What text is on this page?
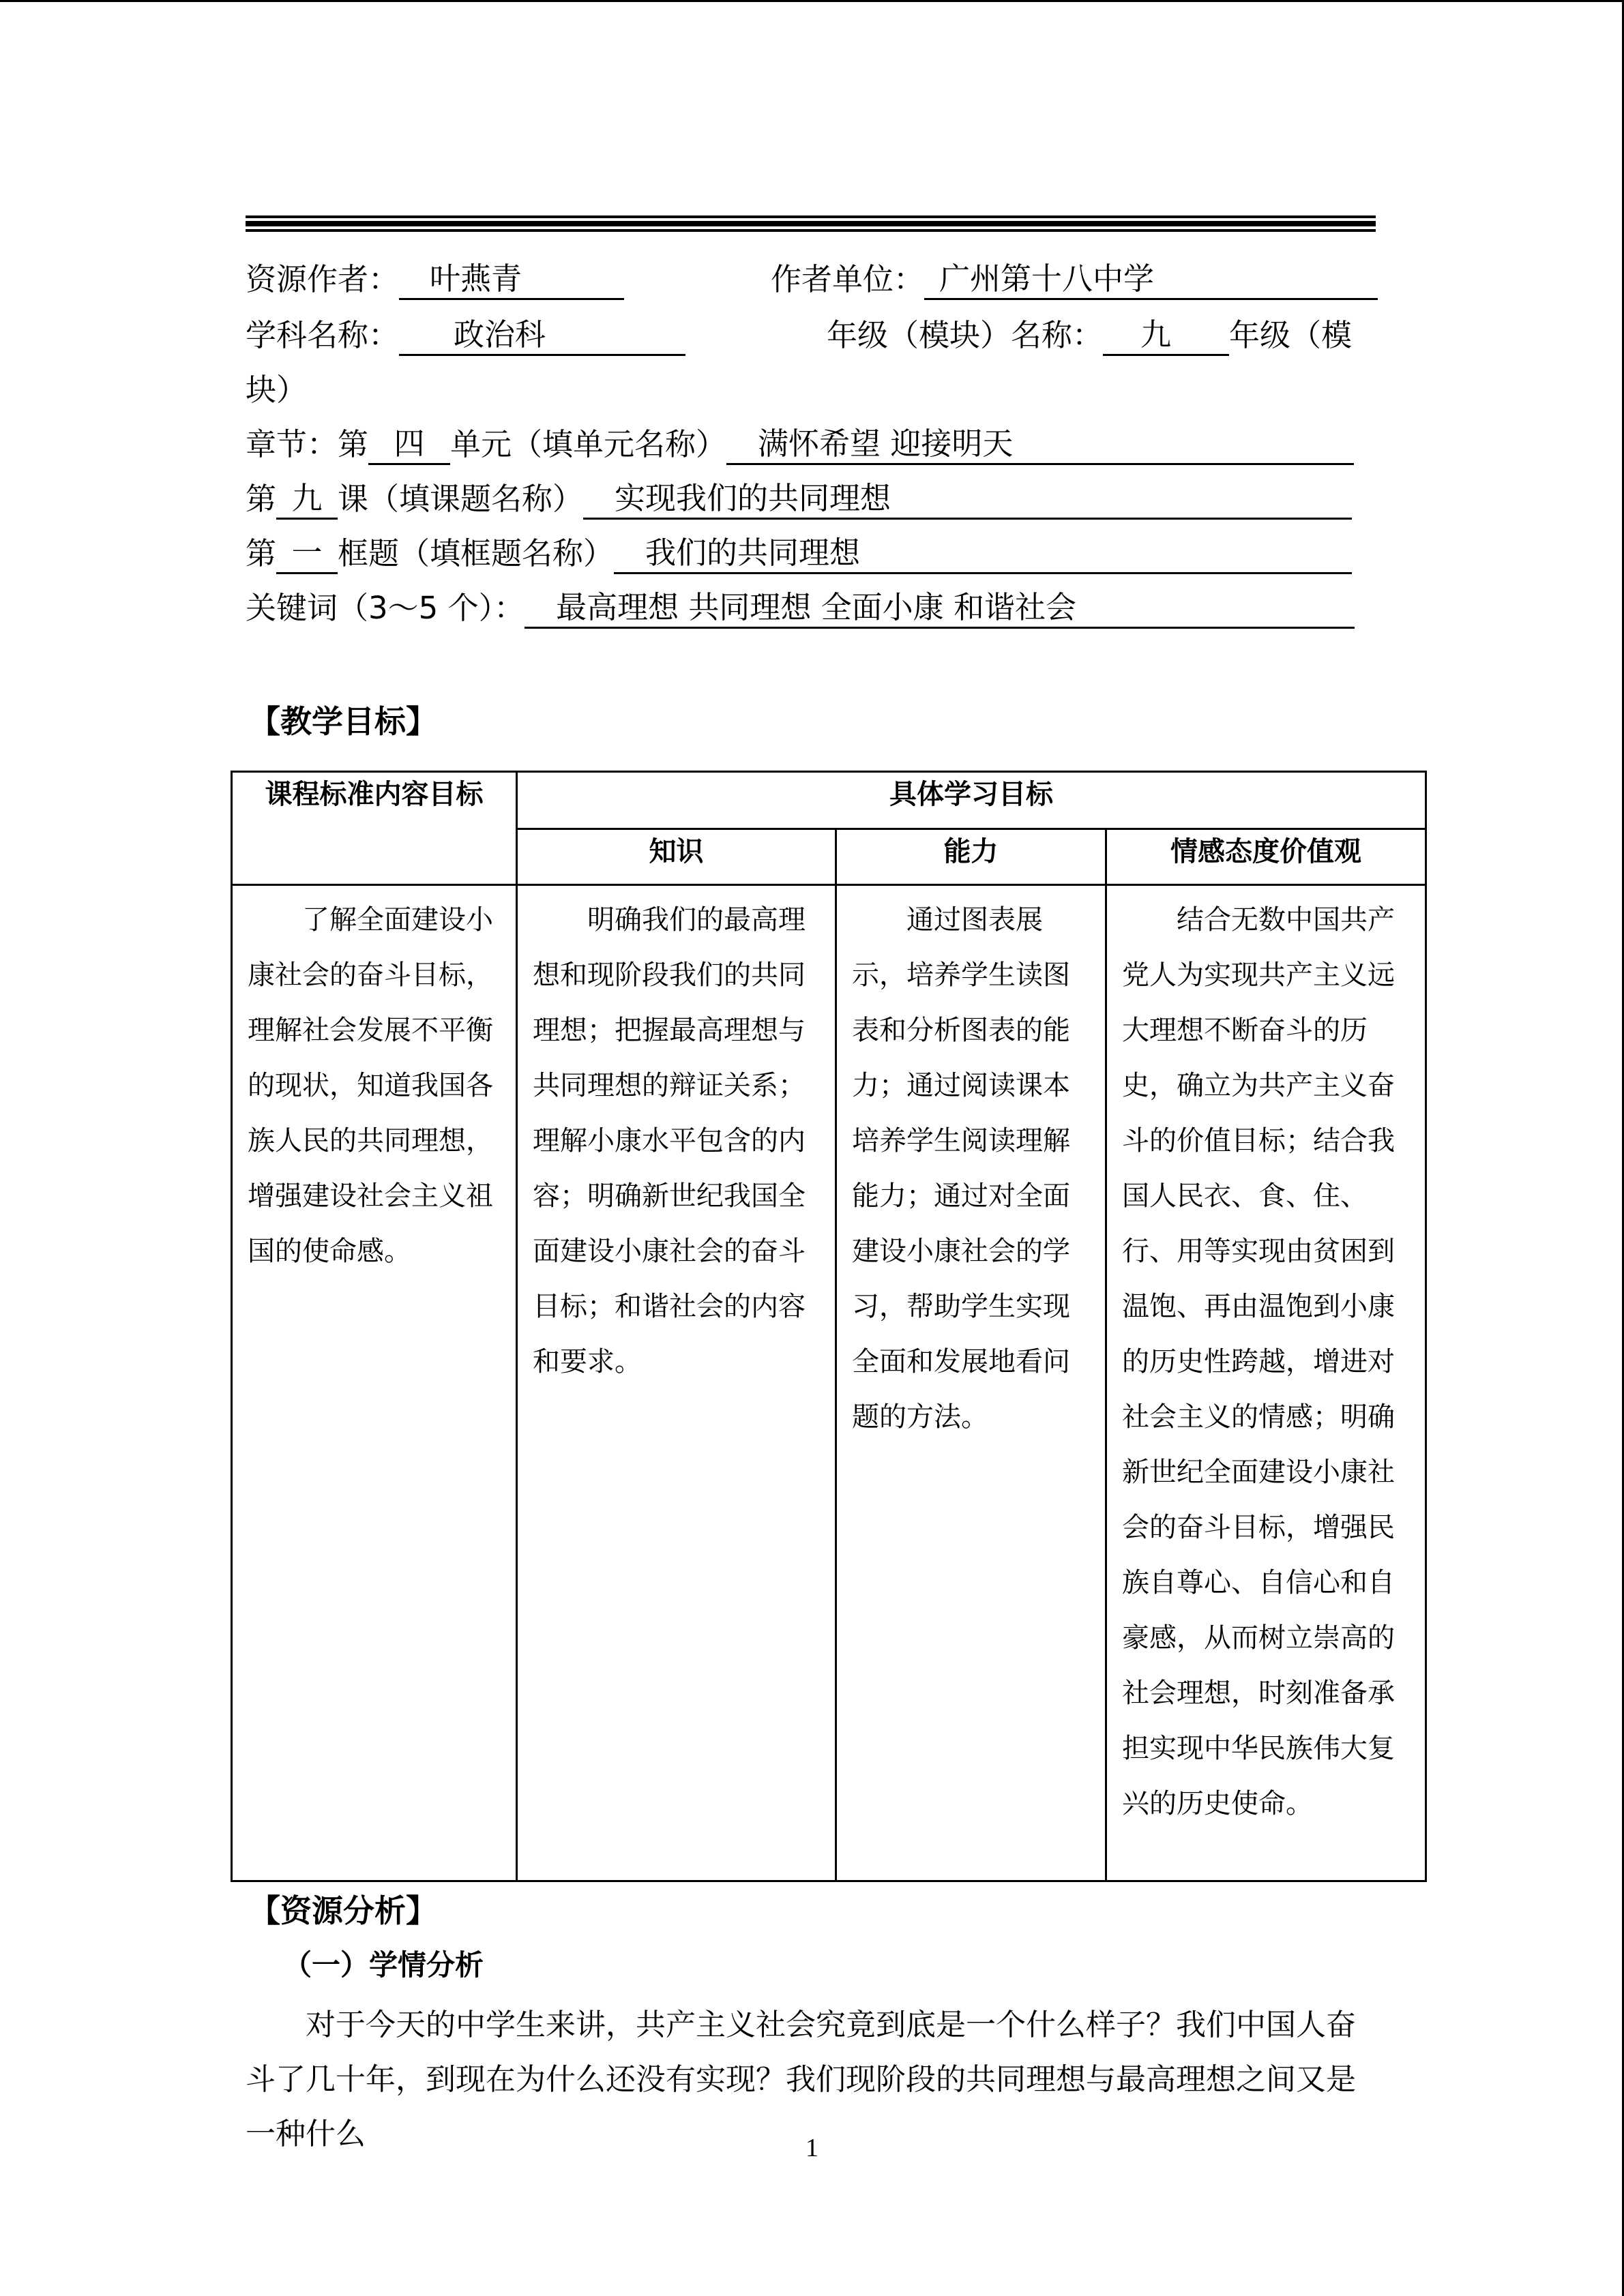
资源作者： 叶燕青	作者单位： 广州第十八中学
学科名称： 政治科	年级（模块）名称： 九 年级（模
块）
章节：第 四 单元（填单元名称） 满怀希望 迎接明天
第 九 课（填课题名称） 实现我们的共同理想
第 一 框题（填框题名称） 我们的共同理想
关键词（3～5 个）： 最高理想 共同理想 全面小康 和谐社会
【教学目标】
课程标准内容目标	具体学习目标		
	知识	能力	情感态度价值观

了解全面建设小康社会的奋斗目标，理解社会发展不平衡的现状，知道我国各族人民的共同理想，增强建设社会主义祖国的使命感。	明确我们的最高理想和现阶段我们的共同理想；把握最高理想与共同理想的辩证关系；理解小康水平包含的内容；明确新世纪我国全面建设小康社会的奋斗目标；和谐社会的内容和要求。	通过图表展示，培养学生读图表和分析图表的能力；通过阅读课本培养学生阅读理解能力；通过对全面建设小康社会的学习，帮助学生实现全面和发展地看问题的方法。	结合无数中国共产党人为实现共产主义远大理想不断奋斗的历史，确立为共产主义奋斗的价值目标；结合我国人民衣、食、住、行、用等实现由贫困到温饱、再由温饱到小康的历史性跨越，增进对社会主义的情感；明确新世纪全面建设小康社会的奋斗目标，增强民族自尊心、自信心和自豪感，从而树立崇高的社会理想，时刻准备承担实现中华民族伟大复兴的历史使命。
【资源分析】
（一）学情分析
对于今天的中学生来讲，共产主义社会究竟到底是一个什么样子？我们中国人奋斗了几十年，到现在为什么还没有实现？我们现阶段的共同理想与最高理想之间又是一种什么	1
